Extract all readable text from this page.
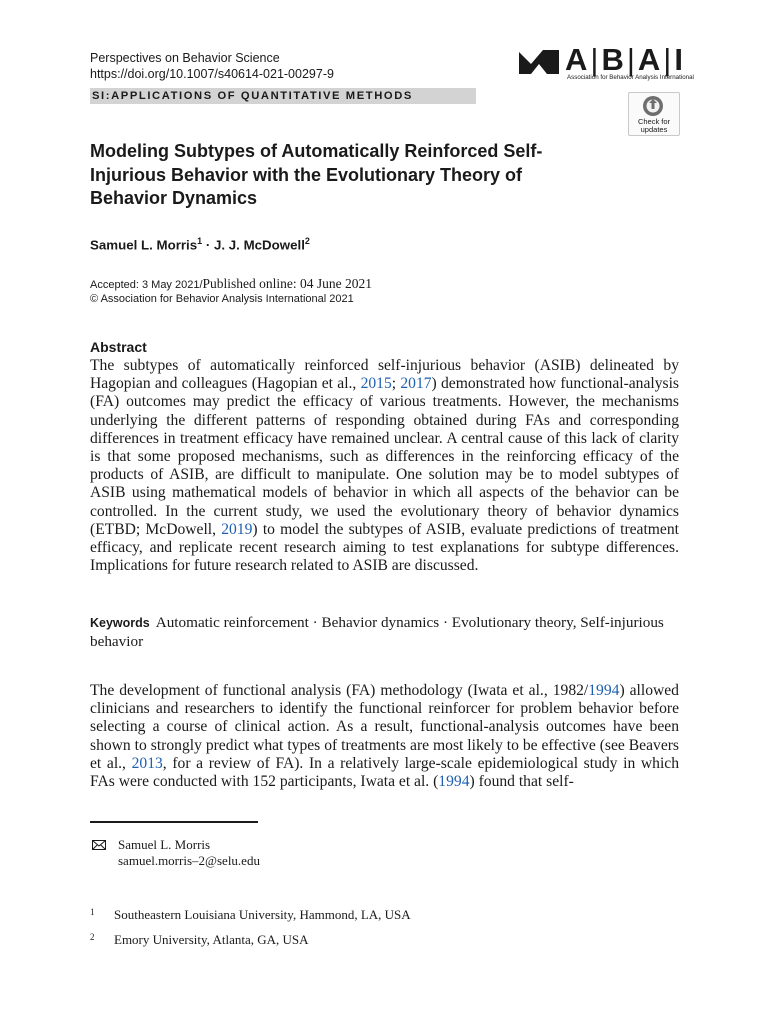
Perspectives on Behavior Science
https://doi.org/10.1007/s40614-021-00297-9
SI:APPLICATIONS OF QUANTITATIVE METHODS
A|B|A|I
Association for Behavior Analysis International
Check for
updates
Modeling Subtypes of Automatically Reinforced Self-Injurious Behavior with the Evolutionary Theory of Behavior Dynamics
Samuel L. Morris$^1$ · J. J. McDowell$^2$
Accepted: 3 May 2021/Published online: 04 June 2021
© Association for Behavior Analysis International 2021
Abstract
The subtypes of automatically reinforced self-injurious behavior (ASIB) delineated by Hagopian and colleagues (Hagopian et al., 2015; 2017) demonstrated how functional-analysis (FA) outcomes may predict the efficacy of various treatments. However, the mechanisms underlying the different patterns of responding obtained during FAs and corresponding differences in treatment efficacy have remained unclear. A central cause of this lack of clarity is that some proposed mechanisms, such as differences in the reinforcing efficacy of the products of ASIB, are difficult to manipulate. One solution may be to model subtypes of ASIB using mathematical models of behavior in which all aspects of the behavior can be controlled. In the current study, we used the evolutionary theory of behavior dynamics (ETBD; McDowell, 2019) to model the subtypes of ASIB, evaluate predictions of treatment efficacy, and replicate recent research aiming to test explanations for subtype differences. Implications for future research related to ASIB are discussed.
Keywords Automatic reinforcement · Behavior dynamics · Evolutionary theory, Self-injurious behavior
The development of functional analysis (FA) methodology (Iwata et al., 1982/1994) allowed clinicians and researchers to identify the functional reinforcer for problem behavior before selecting a course of clinical action. As a result, functional-analysis outcomes have been shown to strongly predict what types of treatments are most likely to be effective (see Beavers et al., 2013, for a review of FA). In a relatively large-scale epidemiological study in which FAs were conducted with 152 participants, Iwata et al. (1994) found that self-
Samuel L. Morris
samuel.morris–2@selu.edu
1 Southeastern Louisiana University, Hammond, LA, USA
2 Emory University, Atlanta, GA, USA
